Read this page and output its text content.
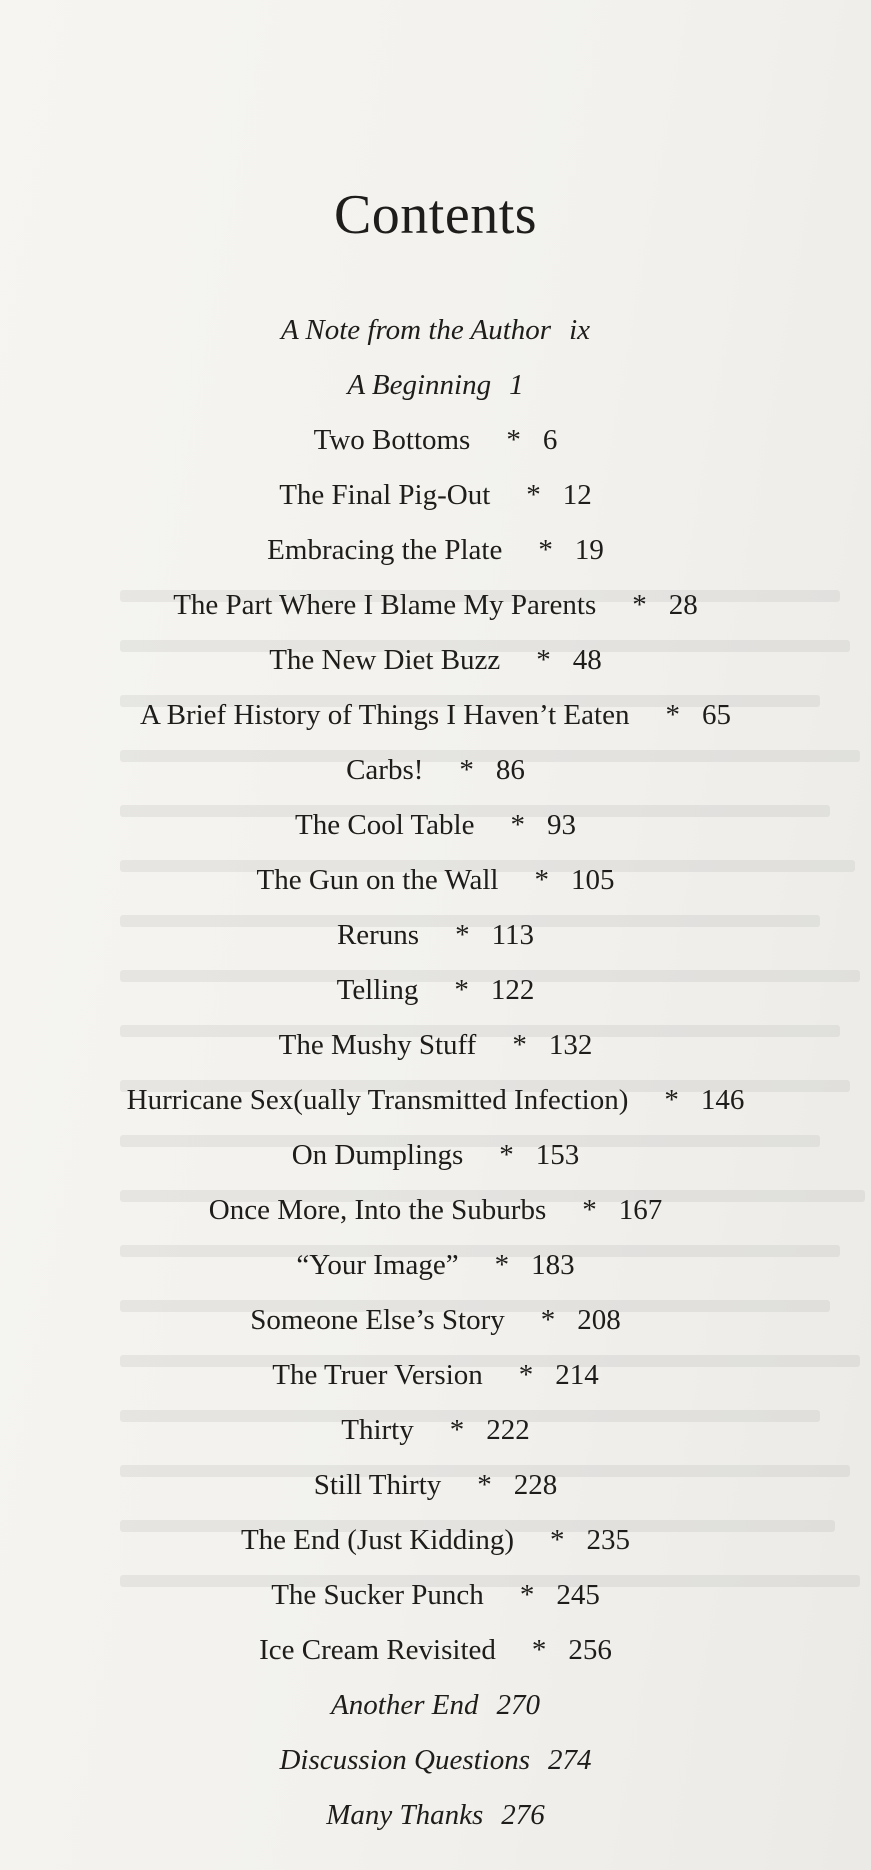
Contents
A Note from the Author ix
A Beginning 1
Two Bottoms * 6
The Final Pig-Out * 12
Embracing the Plate * 19
The Part Where I Blame My Parents * 28
The New Diet Buzz * 48
A Brief History of Things I Haven’t Eaten * 65
Carbs! * 86
The Cool Table * 93
The Gun on the Wall * 105
Reruns * 113
Telling * 122
The Mushy Stuff * 132
Hurricane Sex(ually Transmitted Infection) * 146
On Dumplings * 153
Once More, Into the Suburbs * 167
“Your Image” * 183
Someone Else’s Story * 208
The Truer Version * 214
Thirty * 222
Still Thirty * 228
The End (Just Kidding) * 235
The Sucker Punch * 245
Ice Cream Revisited * 256
Another End 270
Discussion Questions 274
Many Thanks 276
